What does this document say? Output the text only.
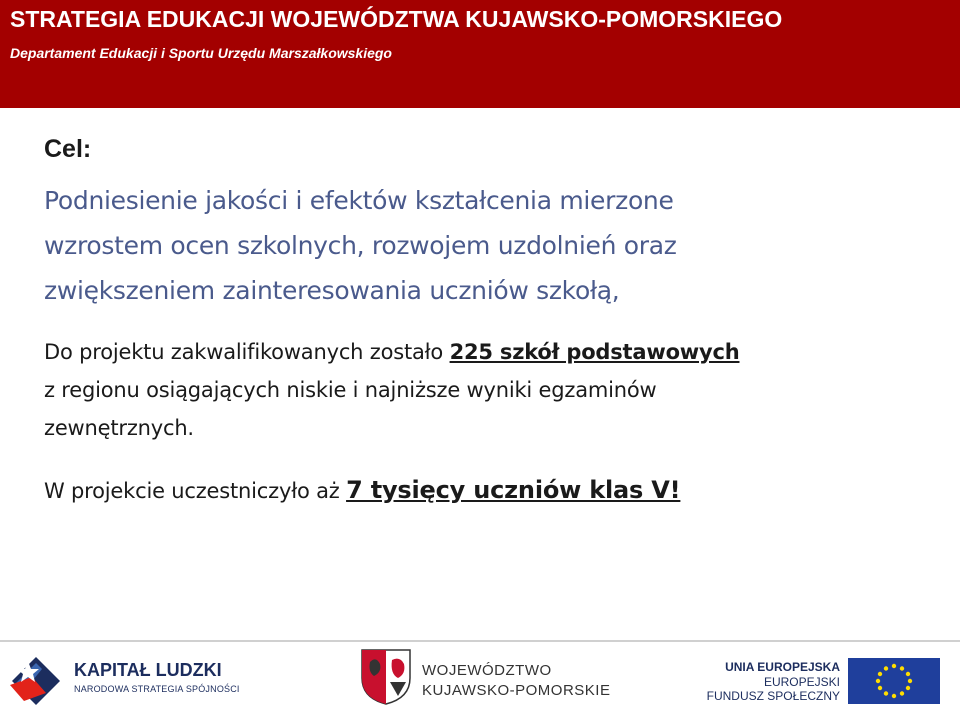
STRATEGIA EDUKACJI WOJEWÓDZTWA KUJAWSKO-POMORSKIEGO
Departament Edukacji i Sportu Urzędu Marszałkowskiego
Cel:
Podniesienie jakości i efektów kształcenia mierzone
wzrostem ocen szkolnych, rozwojem uzdolnień oraz
zwiększeniem zainteresowania uczniów szkołą,
Do projektu zakwalifikowanych zostało 225 szkół podstawowych
z regionu osiągających niskie i najniższe wyniki egzaminów
zewnętrznych.
W projekcie uczestniczyło aż 7 tysięcy uczniów klas V!
KAPITAŁ LUDZKI
NARODOWA STRATEGIA SPÓJNOŚCI
WOJEWÓDZTWO
KUJAWSKO-POMORSKIE
UNIA EUROPEJSKA
EUROPEJSKI
FUNDUSZ SPOŁECZNY
